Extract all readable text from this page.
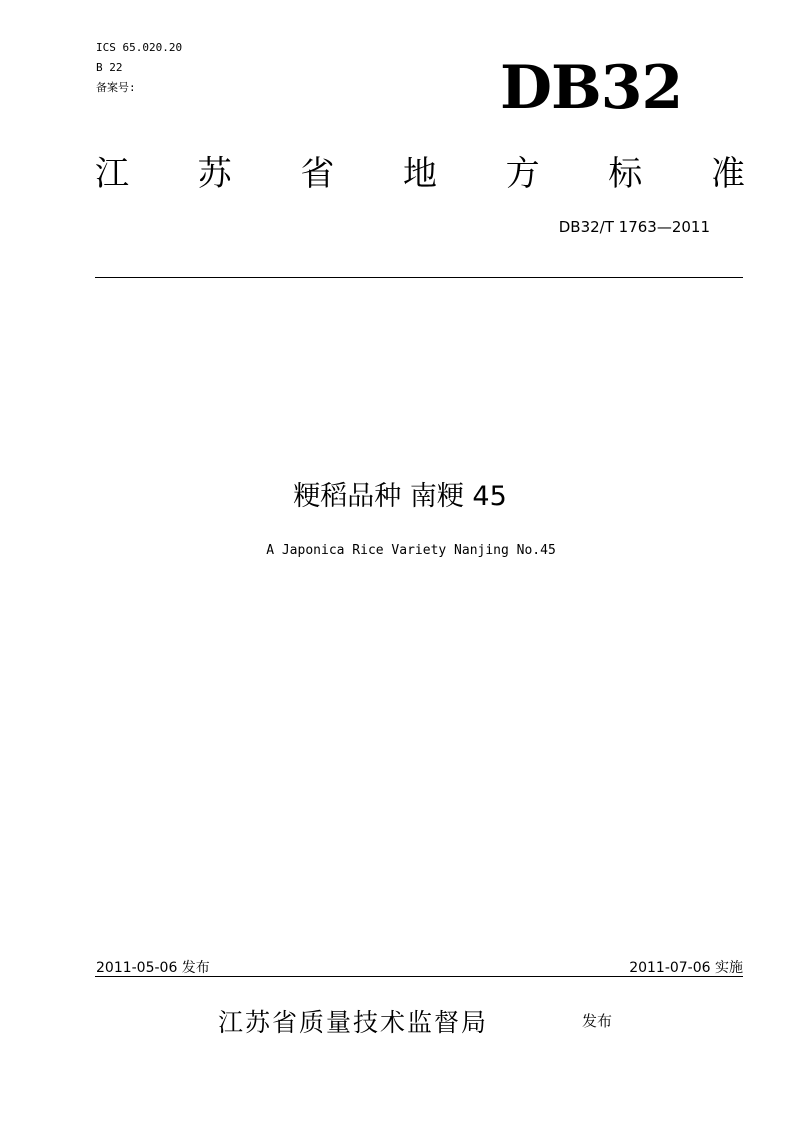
ICS 65.020.20
B 22
备案号:	DB32
江 苏 省 地 方 标 准
DB32/T 1763—2011
粳稻品种 南粳 45
A Japonica Rice Variety Nanjing No.45
2011-05-06 发布	2011-07-06 实施
江苏省质量技术监督局	发布
